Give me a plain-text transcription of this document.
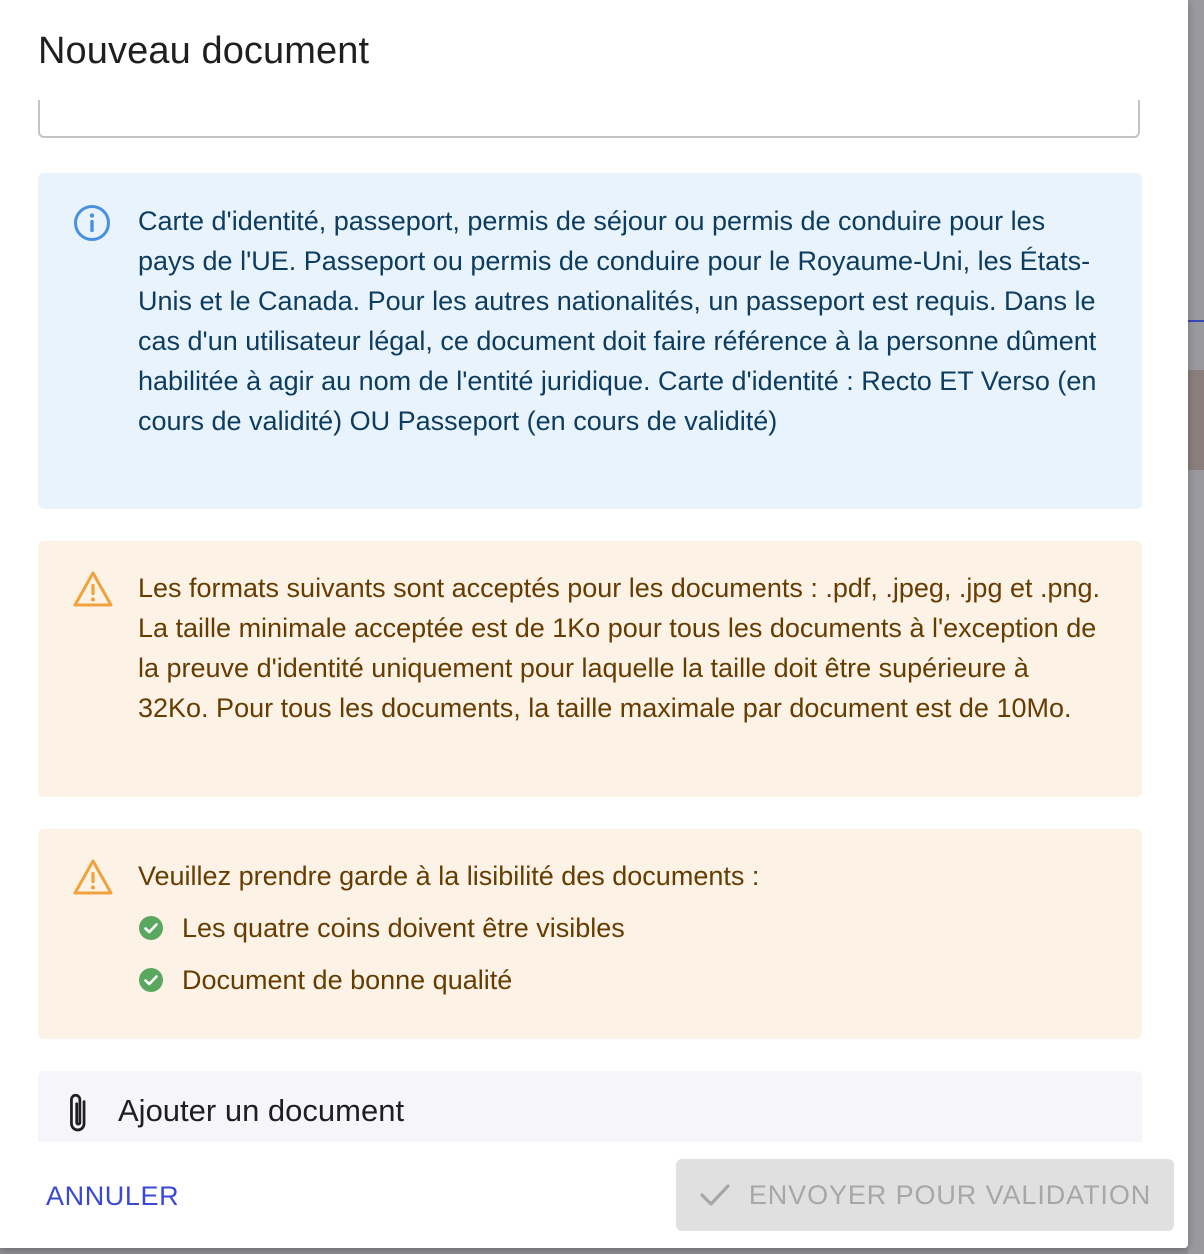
Nouveau document
Carte d'identité, passeport, permis de séjour ou permis de conduire pour les pays de l'UE. Passeport ou permis de conduire pour le Royaume-Uni, les États-Unis et le Canada. Pour les autres nationalités, un passeport est requis. Dans le cas d'un utilisateur légal, ce document doit faire référence à la personne dûment habilitée à agir au nom de l'entité juridique. Carte d'identité : Recto ET Verso (en cours de validité) OU Passeport (en cours de validité)
Les formats suivants sont acceptés pour les documents : .pdf, .jpeg, .jpg et .png. La taille minimale acceptée est de 1Ko pour tous les documents à l'exception de la preuve d'identité uniquement pour laquelle la taille doit être supérieure à 32Ko. Pour tous les documents, la taille maximale par document est de 10Mo.
Veuillez prendre garde à la lisibilité des documents :
Les quatre coins doivent être visibles
Document de bonne qualité
Ajouter un document
ANNULER	ENVOYER POUR VALIDATION
